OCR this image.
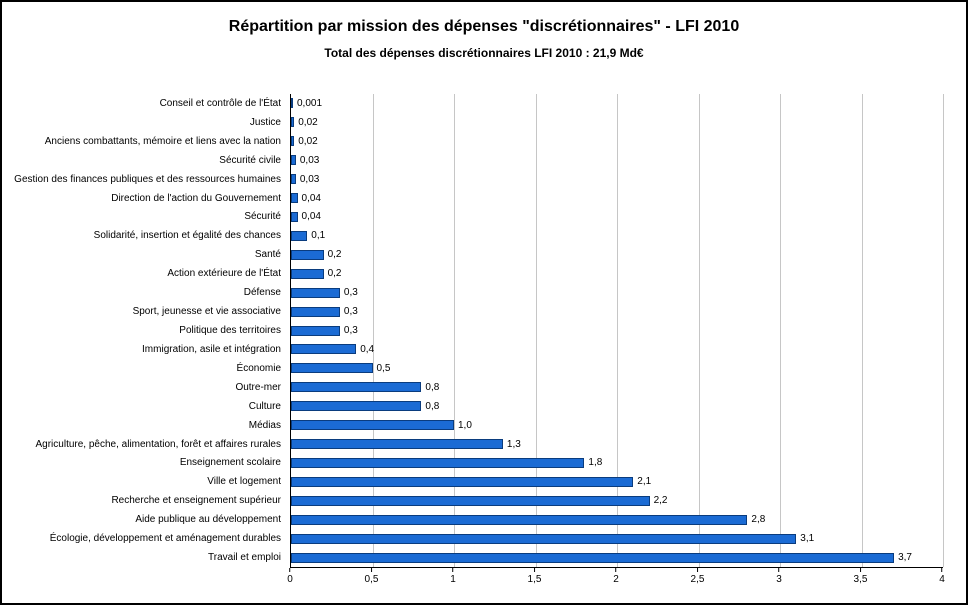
Répartition par mission des dépenses "discrétionnaires" - LFI 2010
Total des dépenses discrétionnaires LFI 2010 : 21,9 Md€
Conseil et contrôle de l'État
Justice
Anciens combattants, mémoire et liens avec la nation
Sécurité civile
Gestion des finances publiques et des ressources humaines
Direction de l'action du Gouvernement
Sécurité
Solidarité, insertion et égalité des chances
Santé
Action extérieure de l'État
Défense
Sport, jeunesse et vie associative
Politique des territoires
Immigration, asile et intégration
Économie
Outre-mer
Culture
Médias
Agriculture, pêche, alimentation, forêt et affaires rurales
Enseignement scolaire
Ville et logement
Recherche et enseignement supérieur
Aide publique au développement
Écologie, développement et aménagement durables
Travail et emploi
0,001
0,02
0,02
0,03
0,03
0,04
0,04
0,1
0,2
0,2
0,3
0,3
0,3
0,4
0,5
0,8
0,8
1,0
1,3
1,8
2,1
2,2
2,8
3,1
3,7
0	0,5	1	1,5	2	2,5	3	3,5	4
